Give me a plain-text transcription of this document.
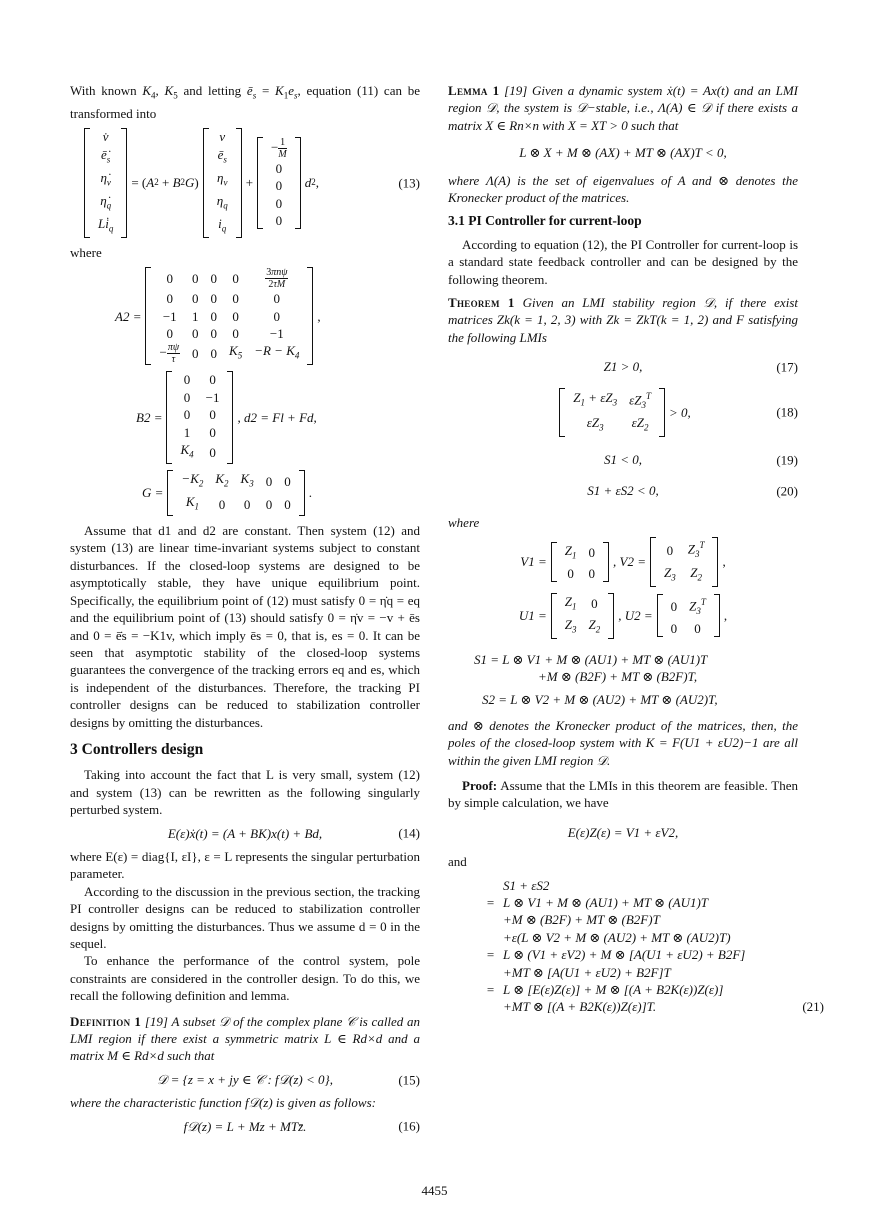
With known $K_4$, $K_5$ and letting $ē_s = K_1e_s$, equation (11) can be transformed into

v̇
$ē̇_s$
$\etȧ_v$
$\etȧ_q$
$Li̇_q$
= ( A 2 + B 2 G )
v
$ē_s$
$\eta_v$
$\eta_q$
$i_q$
+
− $\frac{1}{M}$

0
0
0
0
d 2 ,	(13)

where

A2 =
0	0	0	0	$\frac{\text{3πnψ}}{2\tau M}$

0	0	0	0	0
−1	1	0	0	0
0	0	0	0	−1
− $\frac{\pi\psi}{\tau}$	0	0	$K_5$	$-R - K_4$
,
B2 =
0	0
0	−1
0	0
1	0
$K_4$	0
, d2 = Fl + Fd,
G =
$-K_2$	$K_2$	$K_3$	0	0
$K_1$	0	0	0	0
.

Assume that d1 and d2 are constant. Then system (12) and system (13) are linear time-invariant systems subject to constant disturbances. If the closed-loop systems are designed to be asymptotically stable, they have unique equilibrium point. Specifically, the equilibrium point of (12) must satisfy 0 = η̇q = eq and the equilibrium point of (13) should satisfy 0 = η̇v = −v + ēs and 0 = ē̇s = −K1v, which imply ēs = 0, that is, es = 0. It can be seen that asymptotic stability of the closed-loop systems guarantees the convergence of the tracking errors eq and es, which is independent of the disturbances. Therefore, the tracking PI controller designs can be reduced to stabilization controller designs by omitting the disturbances.

3 Controllers design

Taking into account the fact that L is very small, system (12) and system (13) can be rewritten as the following singularly perturbed system.

E(ε)ẋ(t) = (A + BK)x(t) + Bd,	(14)

where E(ε) = diag{I, εI}, ε = L represents the singular perturbation parameter.

According to the discussion in the previous section, the tracking PI controller designs can be reduced to stabilization controller designs by omitting the disturbances. Thus we assume d = 0 in the sequel.

To enhance the performance of the control system, pole constraints are considered in the controller design. To do this, we recall the following definition and lemma.

Definition 1 [19] A subset 𝒟 of the complex plane 𝒞 is called an LMI region if there exist a symmetric matrix L ∈ Rd×d and a matrix M ∈ Rd×d such that

𝒟 = {z = x + jy ∈ 𝒞 : f𝒟(z) < 0},	(15)

where the characteristic function f𝒟(z) is given as follows:

f𝒟(z) = L + Mz + MTz̄.	(16)

Lemma 1 [19] Given a dynamic system ẋ(t) = Ax(t) and an LMI region 𝒟, the system is 𝒟−stable, i.e., Λ(A) ∈ 𝒟 if there exists a matrix X ∈ Rn×n with X = XT > 0 such that

L ⊗ X + M ⊗ (AX) + MT ⊗ (AX)T < 0,

where Λ(A) is the set of eigenvalues of A and ⊗ denotes the Kronecker product of the matrices.

3.1 PI Controller for current-loop

According to equation (12), the PI Controller for current-loop is a standard state feedback controller and can be designed by the following theorem.

Theorem 1 Given an LMI stability region 𝒟, if there exist matrices Zk(k = 1, 2, 3) with Zk = ZkT(k = 1, 2) and F satisfying the following LMIs

Z1 > 0,	(17)
$Z_1 + \varepsilon Z_3$	$\varepsilon Z_3^T$
$\varepsilon Z_3$	$\varepsilon Z_2$
> 0,	(18)
S1 < 0,	(19)
S1 + εS2 < 0,	(20)

where

V1 =
$Z_1$	0
0	0
, V2 =
0	$Z_3^T$
$Z_3$	$Z_2$
,
U1 =
$Z_1$	0
$Z_3$	$Z_2$
, U2 =
0	$Z_3^T$
0	0
,
S1 = L ⊗ V1 + M ⊗ (AU1) + MT ⊗ (AU1)T
+M ⊗ (B2F) + MT ⊗ (B2F)T,
S2 = L ⊗ V2 + M ⊗ (AU2) + MT ⊗ (AU2)T,

and ⊗ denotes the Kronecker product of the matrices, then, the poles of the closed-loop system with K = F(U1 + εU2)−1 are all within the given LMI region 𝒟.

Proof: Assume that the LMIs in this theorem are feasible. Then by simple calculation, we have

E(ε)Z(ε) = V1 + εV2,

and

S1 + εS2
= L ⊗ V1 + M ⊗ (AU1) + MT ⊗ (AU1)T
+M ⊗ (B2F) + MT ⊗ (B2F)T
+ε(L ⊗ V2 + M ⊗ (AU2) + MT ⊗ (AU2)T)
= L ⊗ (V1 + εV2) + M ⊗ [A(U1 + εU2) + B2F]
+MT ⊗ [A(U1 + εU2) + B2F]T
= L ⊗ [E(ε)Z(ε)] + M ⊗ [(A + B2K(ε))Z(ε)]
+MT ⊗ [(A + B2K(ε))Z(ε)]T.	(21)
4455
